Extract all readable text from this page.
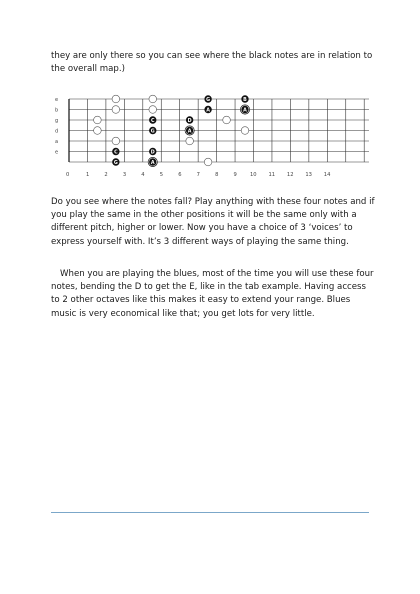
they are only there so you can see where the black notes are in relation to the overall map.)

e
b
g
d
a
e
0	1	2	3	4	5	6	7	8	9	10 11 12 13 14
G	B
A	A
C	D
G	A
C	D
G	A

Do you see where the notes fall? Play anything with these four notes and if you play the same in the other positions it will be the same only with a different pitch, higher or lower. Now you have a choice of 3 ‘voices’ to express yourself with. It’s 3 different ways of playing the same thing.

When you are playing the blues, most of the time you will use these four notes, bending the D to get the E, like in the tab example. Having access to 2 other octaves like this makes it easy to extend your range. Blues music is very economical like that; you get lots for very little.
